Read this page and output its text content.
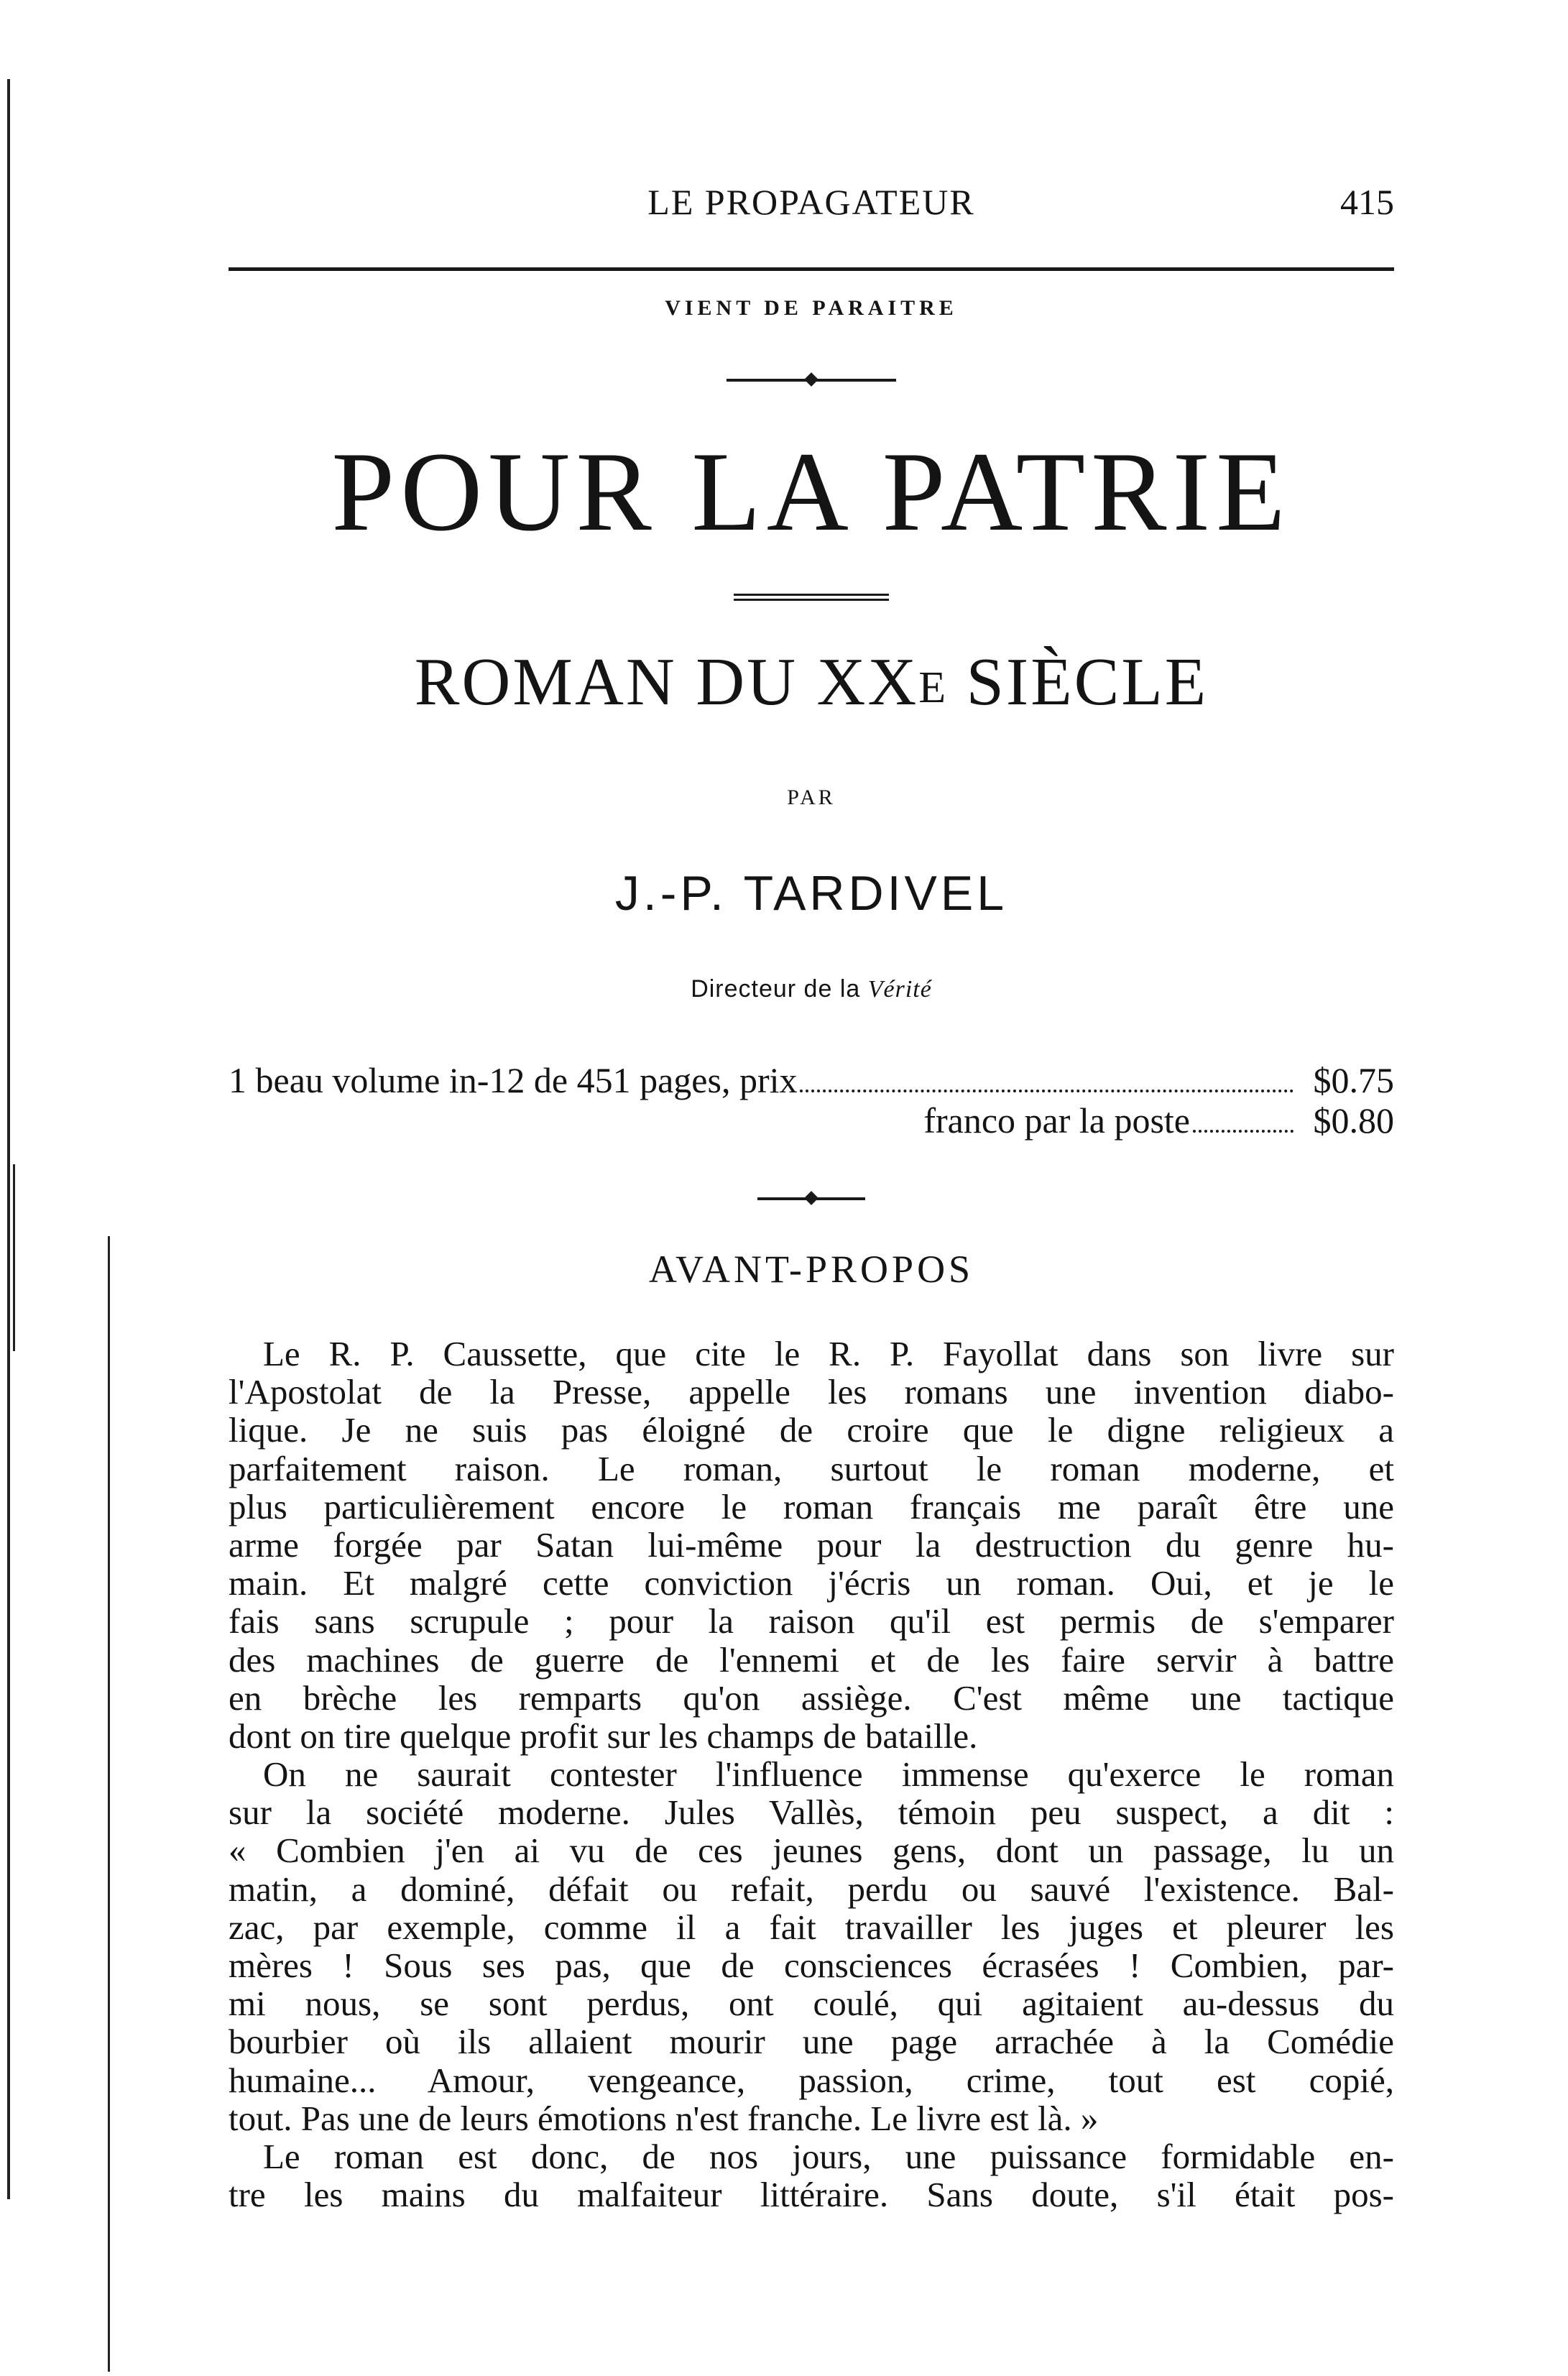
LE PROPAGATEUR	415
VIENT DE PARAITRE
POUR LA PATRIE
ROMAN DU $XX^E$ SIÈCLE
PAR
J.-P. TARDIVEL
Directeur de la Vérité
1 beau volume in-12 de 451 pages, prix	$0.75
franco par la poste	$0.80
AVANT-PROPOS
Le R. P. Caussette, que cite le R. P. Fayollat dans son livre sur
l'Apostolat de la Presse, appelle les romans une invention diabo-
lique. Je ne suis pas éloigné de croire que le digne religieux a
parfaitement raison. Le roman, surtout le roman moderne, et
plus particulièrement encore le roman français me paraît être une
arme forgée par Satan lui-même pour la destruction du genre hu-
main. Et malgré cette conviction j'écris un roman. Oui, et je le
fais sans scrupule ; pour la raison qu'il est permis de s'emparer
des machines de guerre de l'ennemi et de les faire servir à battre
en brèche les remparts qu'on assiège. C'est même une tactique
dont on tire quelque profit sur les champs de bataille.
On ne saurait contester l'influence immense qu'exerce le roman
sur la société moderne. Jules Vallès, témoin peu suspect, a dit :
« Combien j'en ai vu de ces jeunes gens, dont un passage, lu un
matin, a dominé, défait ou refait, perdu ou sauvé l'existence. Bal-
zac, par exemple, comme il a fait travailler les juges et pleurer les
mères ! Sous ses pas, que de consciences écrasées ! Combien, par-
mi nous, se sont perdus, ont coulé, qui agitaient au-dessus du
bourbier où ils allaient mourir une page arrachée à la Comédie
humaine... Amour, vengeance, passion, crime, tout est copié,
tout. Pas une de leurs émotions n'est franche. Le livre est là. »
Le roman est donc, de nos jours, une puissance formidable en-
tre les mains du malfaiteur littéraire. Sans doute, s'il était pos-
